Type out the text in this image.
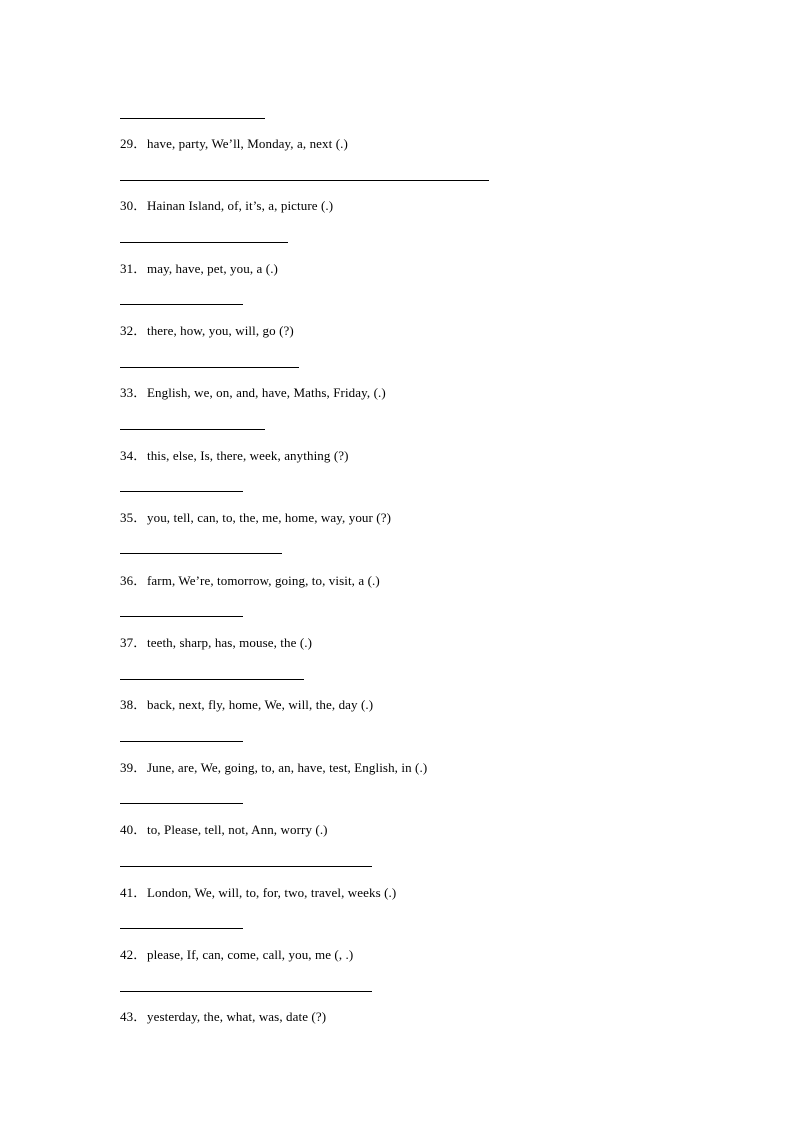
29．have, party, We’ll, Monday, a, next (.)
30．Hainan Island, of, it’s, a, picture (.)
31．may, have, pet, you, a (.)
32．there, how, you, will, go (?)
33．English, we, on, and, have, Maths, Friday, (.)
34．this, else, Is, there, week, anything (?)
35．you, tell, can, to, the, me, home, way, your (?)
36．farm, We’re, tomorrow, going, to, visit, a (.)
37．teeth, sharp, has, mouse, the (.)
38．back, next, fly, home, We, will, the, day (.)
39．June, are, We, going, to, an, have, test, English, in (.)
40．to, Please, tell, not, Ann, worry (.)
41．London, We, will, to, for, two, travel, weeks (.)
42．please, If, can, come, call, you, me (, .)
43．yesterday, the, what, was, date (?)
